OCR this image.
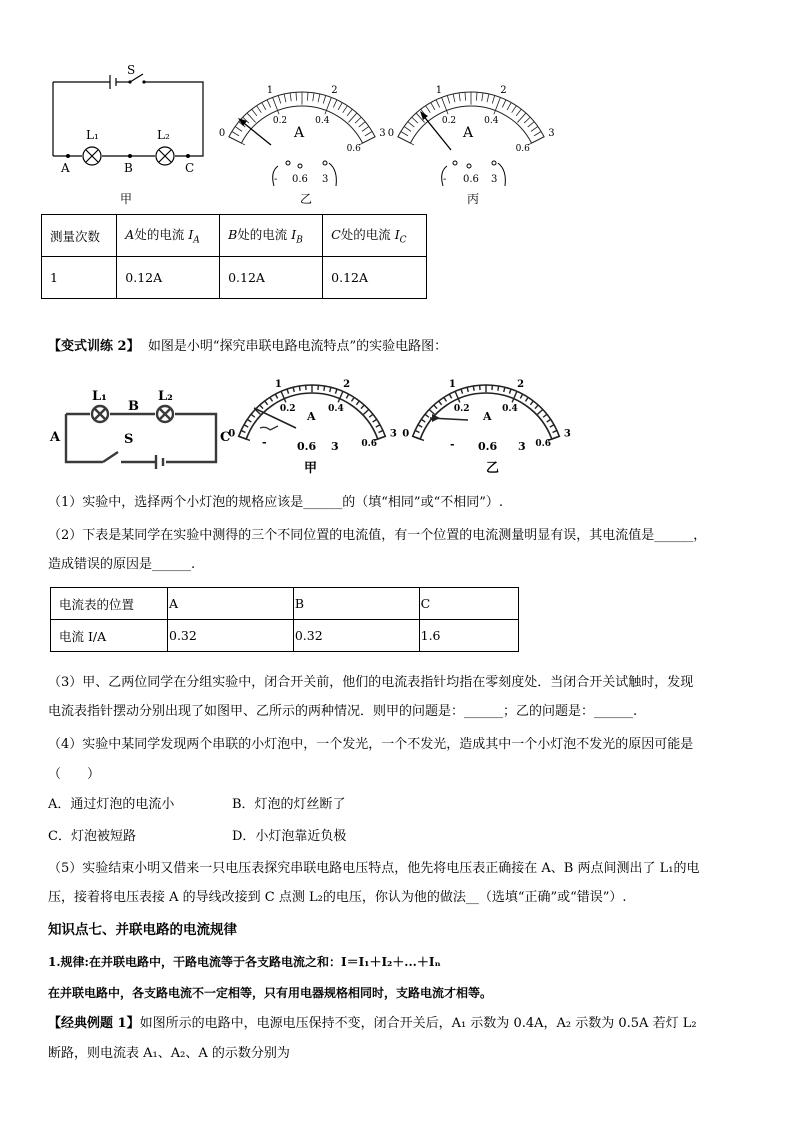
S
L₁	L₂
A	B	C
甲
0
1	2
3
0.2	0.4
0.6
A
- 0.6 3
乙
0
1	2
3
0.2	0.4
0.6
A
- 0.6 3
丙
测量次数	A处的电流 $I_A$	B处的电流 $I_B$	C处的电流 $I_C$
1	0.12A	0.12A	0.12A
【变式训练 2】 如图是小明“探究串联电路电流特点”的实验电路图：
L₁	L₂
B
A	C
S	0
1	2
3
0.2	0.4
0.6
A
-	0.6 3
甲
0
1	2
3
0.2	0.4
0.6
A
- 0.6 3
乙
（1）实验中，选择两个小灯泡的规格应该是______的（填“相同”或“不相同”）.
（2）下表是某同学在实验中测得的三个不同位置的电流值，有一个位置的电流测量明显有误，其电流值是______，
造成错误的原因是______.
电流表的位置	A	B	C
电流 I/A	0.32	0.32	1.6
（3）甲、乙两位同学在分组实验中，闭合开关前，他们的电流表指针均指在零刻度处．当闭合开关试触时，发现
电流表指针摆动分别出现了如图甲、乙所示的两种情况．则甲的问题是：______；乙的问题是：______.
（4）实验中某同学发现两个串联的小灯泡中，一个发光，一个不发光，造成其中一个小灯泡不发光的原因可能是
（　　）
A．通过灯泡的电流小	B．灯泡的灯丝断了
C．灯泡被短路	D．小灯泡靠近负极
（5）实验结束小明又借来一只电压表探究串联电路电压特点，他先将电压表正确接在 A、B 两点间测出了 L₁的电
压，接着将电压表接 A 的导线改接到 C 点测 L₂的电压，你认为他的做法__（选填“正确”或“错误”）.
知识点七、并联电路的电流规律
1.规律:在并联电路中，干路电流等于各支路电流之和：I＝I₁＋I₂＋...＋Iₙ
在并联电路中，各支路电流不一定相等，只有用电器规格相同时，支路电流才相等。
【经典例题 1】如图所示的电路中，电源电压保持不变，闭合开关后，A₁ 示数为 0.4A，A₂ 示数为 0.5A 若灯 L₂
断路，则电流表 A₁、A₂、A 的示数分别为
